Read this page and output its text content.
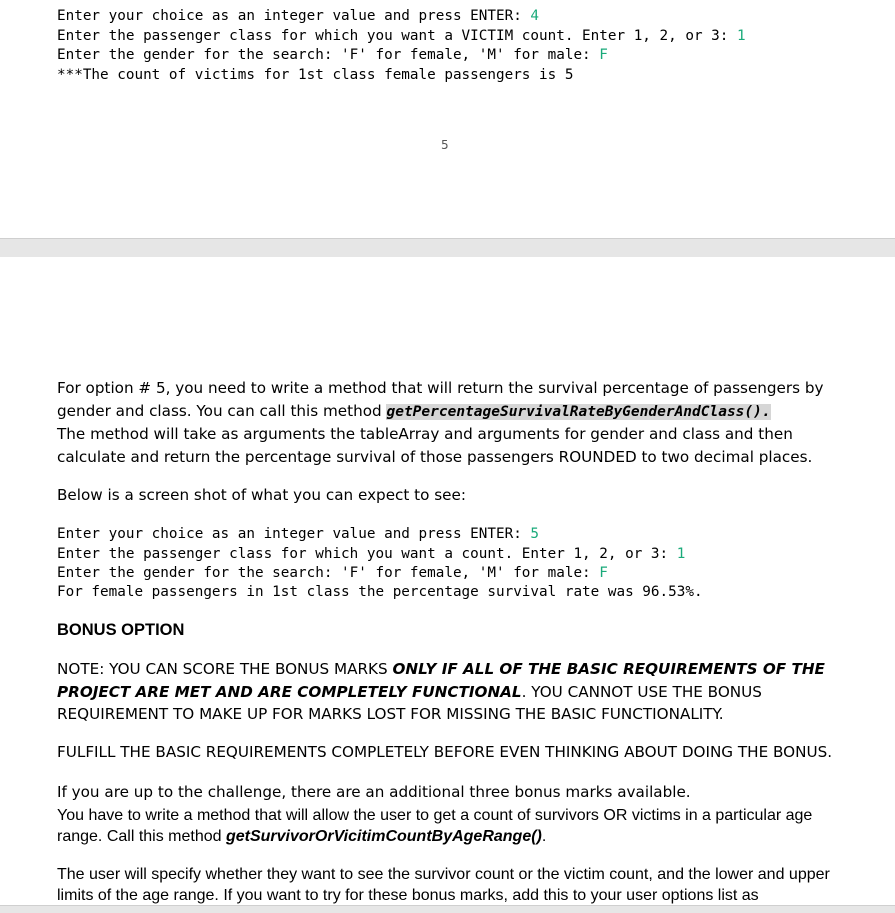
Enter your choice as an integer value and press ENTER: 4
Enter the passenger class for which you want a VICTIM count. Enter 1, 2, or 3: 1
Enter the gender for the search: 'F' for female, 'M' for male: F
***The count of victims for 1st class female passengers is 5
5
For option # 5, you need to write a method that will return the survival percentage of passengers by gender and class. You can call this method getPercentageSurvivalRateByGenderAndClass().
The method will take as arguments the tableArray and arguments for gender and class and then calculate and return the percentage survival of those passengers ROUNDED to two decimal places.
Below is a screen shot of what you can expect to see:
Enter your choice as an integer value and press ENTER: 5
Enter the passenger class for which you want a count. Enter 1, 2, or 3: 1
Enter the gender for the search: 'F' for female, 'M' for male: F
For female passengers in 1st class the percentage survival rate was 96.53%.
BONUS OPTION
NOTE: YOU CAN SCORE THE BONUS MARKS ONLY IF ALL OF THE BASIC REQUIREMENTS OF THE PROJECT ARE MET AND ARE COMPLETELY FUNCTIONAL. YOU CANNOT USE THE BONUS REQUIREMENT TO MAKE UP FOR MARKS LOST FOR MISSING THE BASIC FUNCTIONALITY.
FULFILL THE BASIC REQUIREMENTS COMPLETELY BEFORE EVEN THINKING ABOUT DOING THE BONUS.
If you are up to the challenge, there are an additional three bonus marks available.
You have to write a method that will allow the user to get a count of survivors OR victims in a particular age range. Call this method getSurvivorOrVicitimCountByAgeRange().
The user will specify whether they want to see the survivor count or the victim count, and the lower and upper limits of the age range. If you want to try for these bonus marks, add this to your user options list as
